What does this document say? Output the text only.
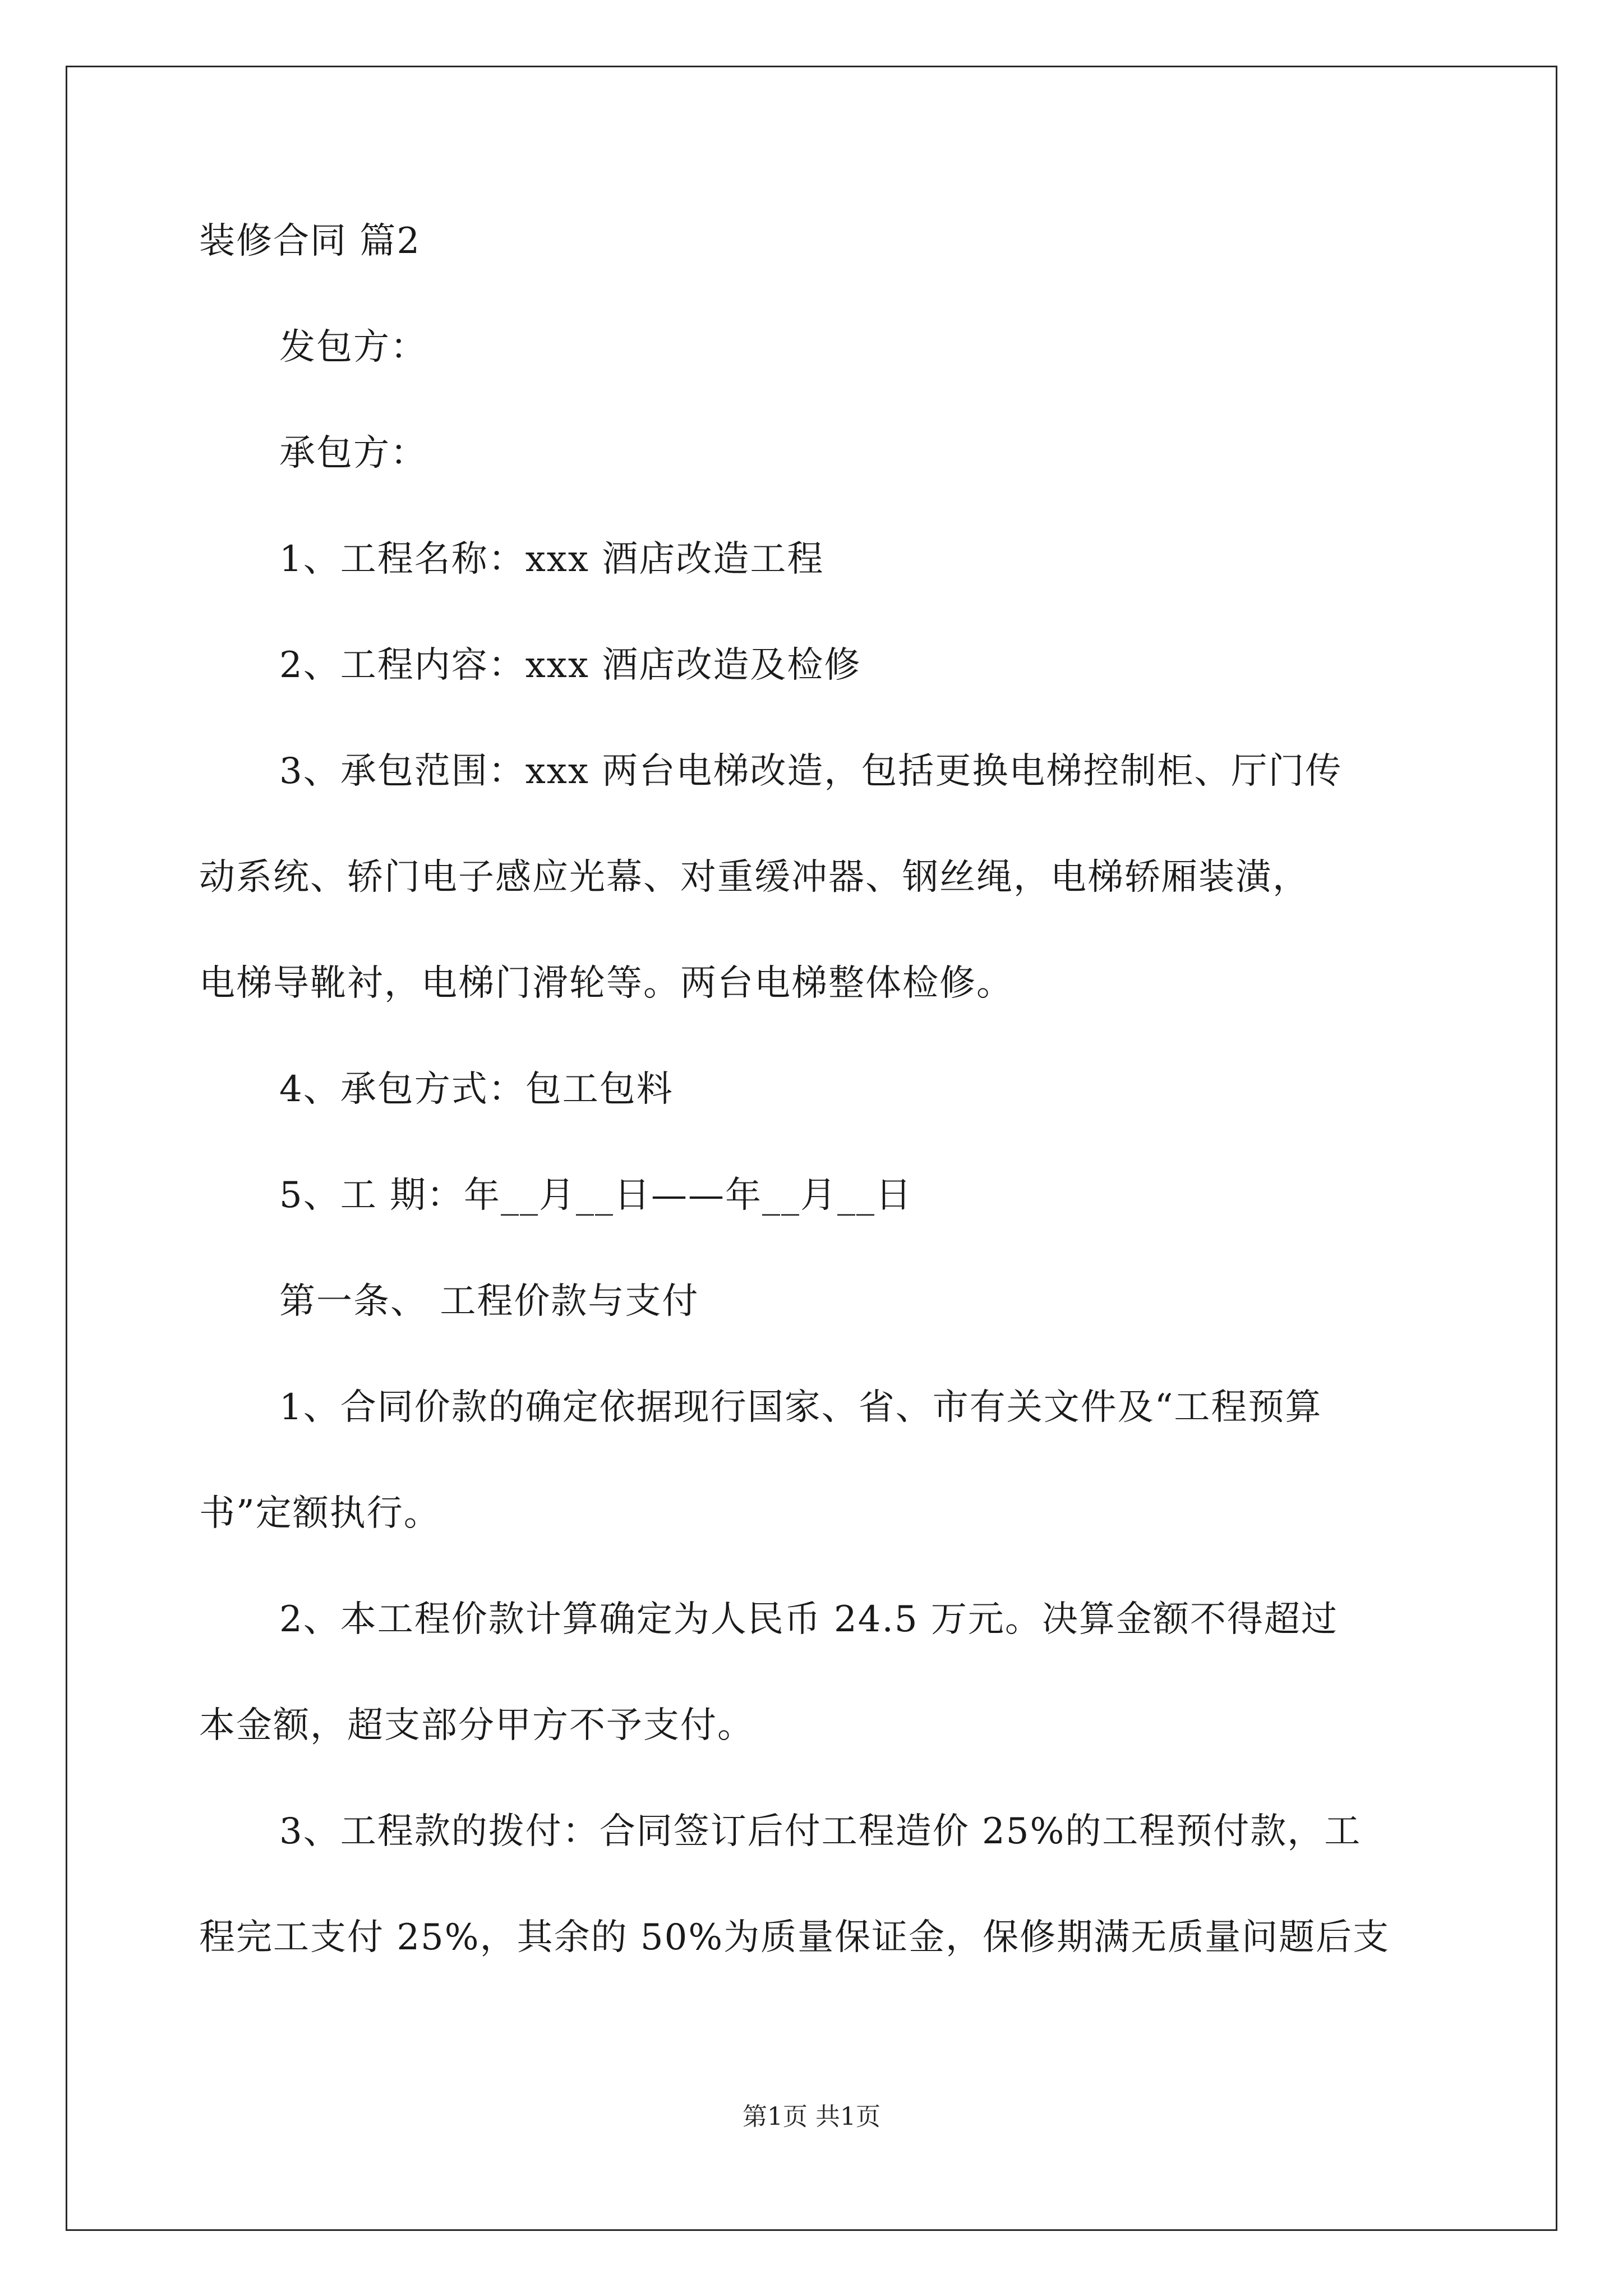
装修合同 篇2
发包方：
承包方：
1、工程名称：xxx 酒店改造工程
2、工程内容：xxx 酒店改造及检修
3、承包范围：xxx 两台电梯改造，包括更换电梯控制柜、厅门传
动系统、轿门电子感应光幕、对重缓冲器、钢丝绳，电梯轿厢装潢，
电梯导靴衬，电梯门滑轮等。两台电梯整体检修。
4、承包方式：包工包料
5、工 期：年__月__日——年__月__日
第一条、 工程价款与支付
1、合同价款的确定依据现行国家、省、市有关文件及“工程预算
书”定额执行。
2、本工程价款计算确定为人民币 24.5 万元。决算金额不得超过
本金额，超支部分甲方不予支付。
3、工程款的拨付：合同签订后付工程造价 25%的工程预付款，工
程完工支付 25%，其余的 50%为质量保证金，保修期满无质量问题后支
第1页 共1页
